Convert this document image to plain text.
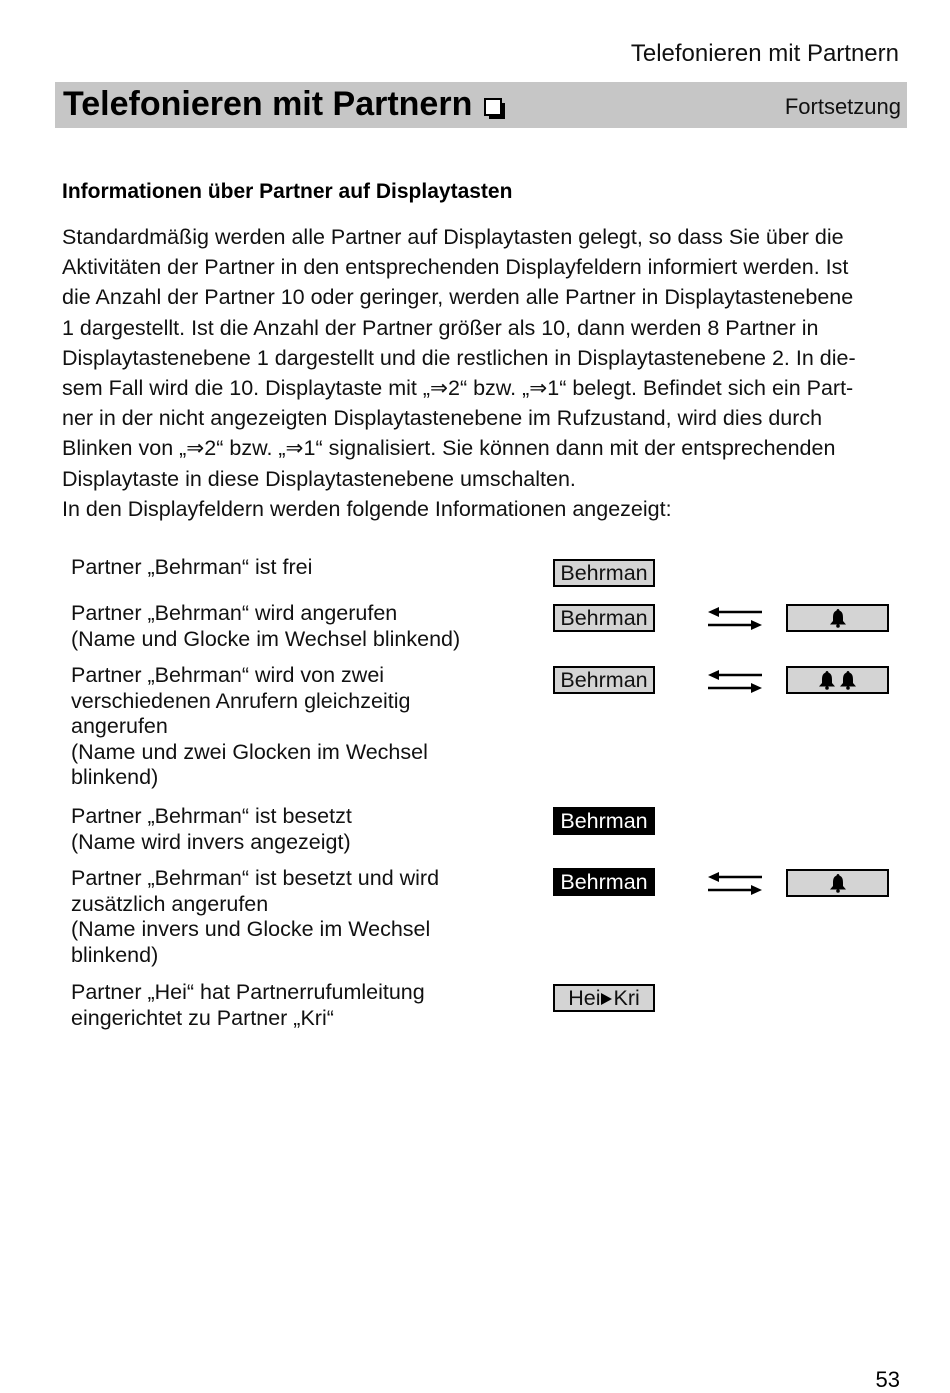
Telefonieren mit Partnern
Telefonieren mit Partnern	Fortsetzung
Informationen über Partner auf Displaytasten
Standardmäßig werden alle Partner auf Displaytasten gelegt, so dass Sie über die
Aktivitäten der Partner in den entsprechenden Displayfeldern informiert werden. Ist
die Anzahl der Partner 10 oder geringer, werden alle Partner in Displaytastenebene
1 dargestellt. Ist die Anzahl der Partner größer als 10, dann werden 8 Partner in
Displaytastenebene 1 dargestellt und die restlichen in Displaytastenebene 2. In die-
sem Fall wird die 10. Displaytaste mit „⇒2“ bzw. „⇒1“ belegt. Befindet sich ein Part-
ner in der nicht angezeigten Displaytastenebene im Rufzustand, wird dies durch
Blinken von „⇒2“ bzw. „⇒1“ signalisiert. Sie können dann mit der entsprechenden
Displaytaste in diese Displaytastenebene umschalten.
In den Displayfeldern werden folgende Informationen angezeigt:
Partner „Behrman“ ist frei	Behrman
Partner „Behrman“ wird angerufen
(Name und Glocke im Wechsel blinkend)
Behrman
Partner „Behrman“ wird von zwei
verschiedenen Anrufern gleichzeitig
angerufen
(Name und zwei Glocken im Wechsel
blinkend)
Behrman
Partner „Behrman“ ist besetzt
(Name wird invers angezeigt)
Behrman
Partner „Behrman“ ist besetzt und wird
zusätzlich angerufen
(Name invers und Glocke im Wechsel
blinkend)
Behrman
Partner „Hei“ hat Partnerrufumleitung
eingerichtet zu Partner „Kri“
Hei Kri
53
